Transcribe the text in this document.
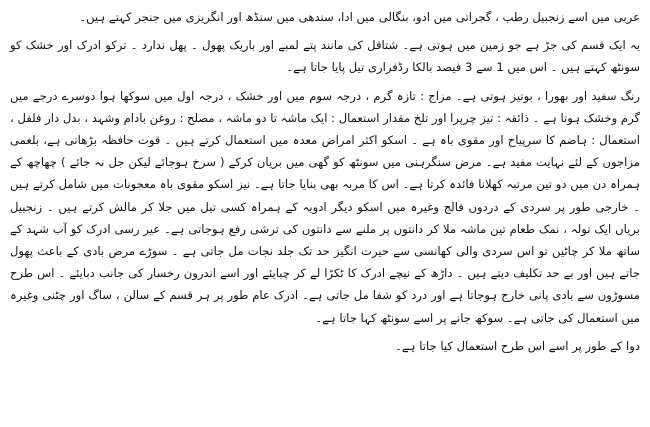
عربی میں اسے زنجبیل رطب ، گجراتی میں ادو، بنگالی میں ادا، سندھی میں سنڈھ اور انگریزی میں جنجر کہتے ہیں۔

یہ ایک قسم کی جڑ ہے جو زمین میں ہوتی ہے۔ شتاقل کی مانند پتے لمبے اور باریک پھول ۔ پھل ندارد ۔ ترکو ادرک اور خشک کو سونٹھ کہتے ہیں ۔ اس میں 1 سے 3 فیصد بالکا رڈفراری تیل پایا جاتا ہے۔

رنگ سفید اور بھورا ، بوتیز ہوتی ہے۔ مزاج : تازہ گرم ، درجہ سوم میں اور خشک ، درجہ اول میں سوکھا ہوا دوسرے درجے میں گرم وخشک ہوتا ہے ۔ ذائقہ : تیز چرپرا اور تلخ مقدار استعمال : ایک ماشہ تا دو ماشہ ، مصلح : روغن بادام وشہد ، بدل دار فلفل ، استعمال : ہاضم کا سرپیاح اور مقوی باہ ہے ۔ اسکو اکثر امراض معدہ میں استعمال کرتے ہیں ۔ قوت حافظہ بڑھاتی ہے، بلغمی مزاجوں کے لئے نہایت مفید ہے۔ مرض سنگرہنی میں سونٹھ کو گھی میں بریاں کرکے ( سرخ ہوجائے لیکن جل نہ جائے ) چھاچھ کے ہمراہ دن میں دو تین مرتبہ کھلانا فائدہ کرتا ہے۔ اس کا مربہ بھی بنایا جاتا ہے۔ نیز اسکو مقوی باہ معجونات میں شامل کرتے ہیں ۔ خارجی طور پر سردی کے دردوں فالج وغیرہ میں اسکو دیگر ادویہ کے ہمراہ کسی تیل میں جلا کر مالش کرتے ہیں ۔ زنجبیل بریاں ایک تولہ ، نمک طعام تین ماشہ ملا کر دانتوں پر ملنے سے دانتوں کی ترشی رفع ہوجاتی ہے۔ عیر رسی ادرک کو آب شہد کے ساتھ ملا کر چاٹیں تو اس سردی والی کھانسی سے حیرت انگیز حد تک جلد نجات مل جاتی ہے ۔ سوڑے مرض بادی کے باعث پھول جاتے ہیں اور بے حد تکلیف دیتے ہیں ۔ داڑھ کے نیچے ادرک کا ٹکڑا لے کر چبایئے اور اسے اندرون رخسار کی جانب دبایئے ۔ اس طرح مسوڑوں سے بادی پانی خارج ہوجاتا ہے اور درد کو شفا مل جاتی ہے۔ ادرک عام طور پر ہر قسم کے سالن ، ساگ اور چٹنی وغیرہ میں استعمال کی جاتی ہے۔ سوکھ جانے پر اسے سونٹھ کہا جاتا ہے۔

دوا کے طور پر اسے اس طرح استعمال کیا جاتا ہے۔
